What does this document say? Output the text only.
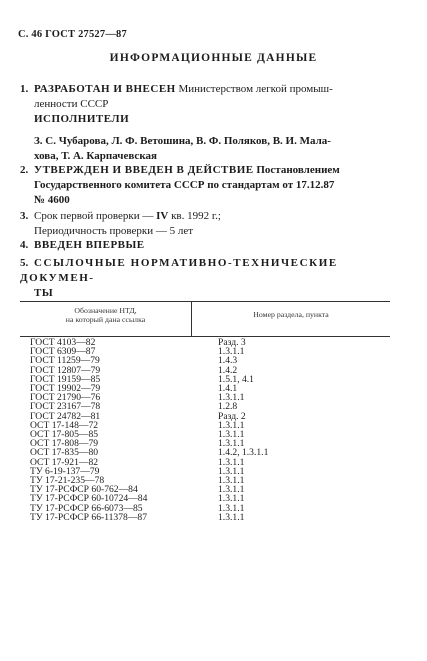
С. 46 ГОСТ 27527—87
ИНФОРМАЦИОННЫЕ ДАННЫЕ
1. РАЗРАБОТАН И ВНЕСЕН Министерством легкой промыш-
ленности СССР
ИСПОЛНИТЕЛИ
З. С. Чубарова, Л. Ф. Ветошина, В. Ф. Поляков, В. И. Мала-
хова, Т. А. Карпачевская
2. УТВЕРЖДЕН И ВВЕДЕН В ДЕЙСТВИЕ Постановлением
Государственного комитета СССР по стандартам от 17.12.87
№ 4600
3. Срок первой проверки — IV кв. 1992 г.;
Периодичность проверки — 5 лет
4. ВВЕДЕН ВПЕРВЫЕ
5. ССЫЛОЧНЫЕ НОРМАТИВНО-ТЕХНИЧЕСКИЕ ДОКУМЕН-
ТЫ
Обозначение НТД,
на который дана ссылка
Номер раздела, пункта
ГОСТ 4103—82
ГОСТ 6309—87
ГОСТ 11259—79
ГОСТ 12807—79
ГОСТ 19159—85
ГОСТ 19902—79
ГОСТ 21790—76
ГОСТ 23167—78
ГОСТ 24782—81
ОСТ 17-148—72
ОСТ 17-805—85
ОСТ 17-808—79
ОСТ 17-835—80
ОСТ 17-921—82
ТУ 6-19-137—79
ТУ 17-21-235—78
ТУ 17-РСФСР 60-762—84
ТУ 17-РСФСР 60-10724—84
ТУ 17-РСФСР 66-6073—85
ТУ 17-РСФСР 66-11378—87
Разд. 3
1.3.1.1
1.4.3
1.4.2
1.5.1, 4.1
1.4.1
1.3.1.1
1.2.8
Разд. 2
1.3.1.1
1.3.1.1
1.3.1.1
1.4.2, 1.3.1.1
1.3.1.1
1.3.1.1
1.3.1.1
1.3.1.1
1.3.1.1
1.3.1.1
1.3.1.1
